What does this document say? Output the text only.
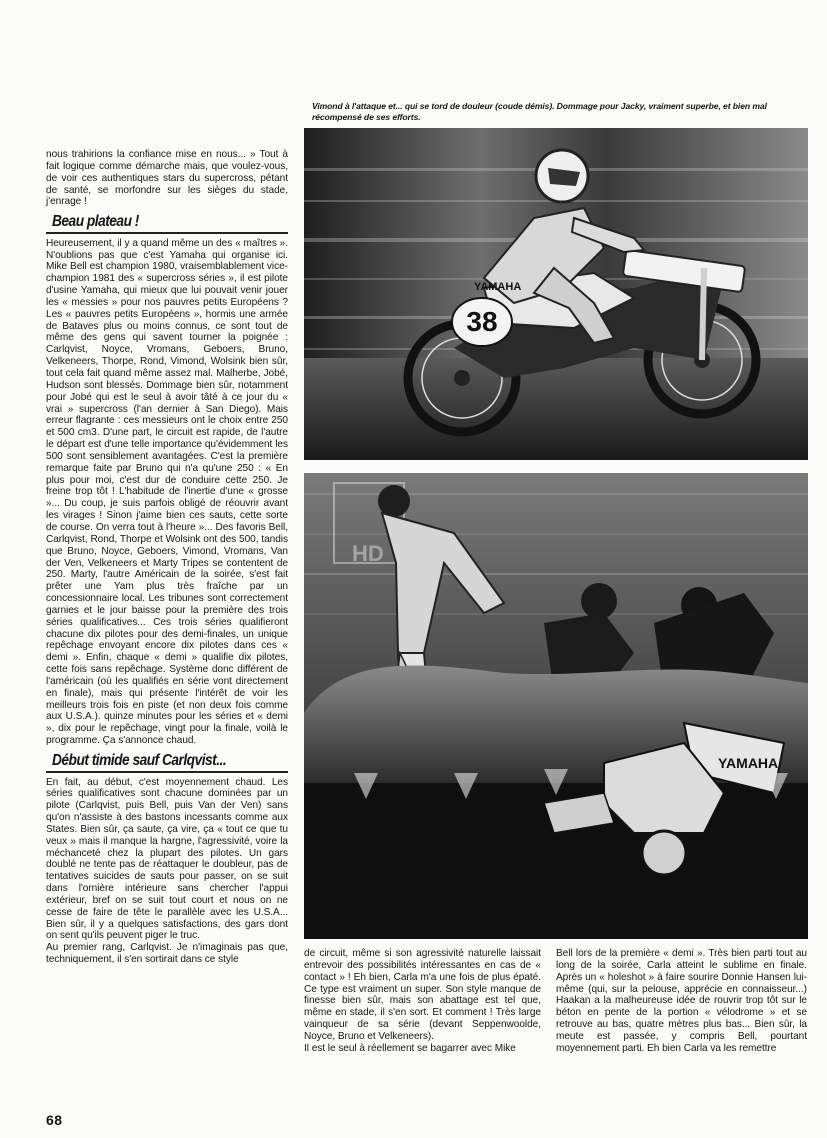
Vimond à l'attaque et... qui se tord de douleur (coude démis). Dommage pour Jacky, vraiment superbe, et bien mal récompensé de ses efforts.

nous trahirions la confiance mise en nous... » Tout à fait logique comme démarche mais, que voulez-vous, de voir ces authentiques stars du supercross, pétant de santé, se morfondre sur les sièges du stade, j'enrage !

Beau plateau !

Heureusement, il y a quand même un des « maîtres ». N'oublions pas que c'est Yamaha qui organise ici. Mike Bell est champion 1980, vraisemblablement vice-champion 1981 des « supercross séries », il est pilote d'usine Yamaha, qui mieux que lui pouvait venir jouer les « messies » pour nos pauvres petits Européens ? Les « pauvres petits Européens », hormis une armée de Bataves plus ou moins connus, ce sont tout de même des gens qui savent tourner la poignée : Carlqvist, Noyce, Vromans, Geboers, Bruno, Velkeneers, Thorpe, Rond, Vimond, Wolsink bien sûr, tout cela fait quand même assez mal. Malherbe, Jobé, Hudson sont blessés. Dommage bien sûr, notamment pour Jobé qui est le seul à avoir tâté à ce jour du « vrai » supercross (l'an dernier à San Diego). Mais erreur flagrante : ces messieurs ont le choix entre 250 et 500 cm3. D'une part, le circuit est rapide, de l'autre le départ est d'une telle importance qu'évidemment les 500 sont sensiblement avantagées. C'est la première remarque faite par Bruno qui n'a qu'une 250 : « En plus pour moi, c'est dur de conduire cette 250. Je freine trop tôt ! L'habitude de l'inertie d'une « grosse »... Du coup, je suis parfois obligé de réouvrir avant les virages ! Sinon j'aime bien ces sauts, cette sorte de course. On verra tout à l'heure »... Des favoris Bell, Carlqvist, Rond, Thorpe et Wolsink ont des 500, tandis que Bruno, Noyce, Geboers, Vimond, Vromans, Van der Ven, Velkeneers et Marty Tripes se contentent de 250. Marty, l'autre Américain de la soirée, s'est fait prêter une Yam plus très fraîche par un concessionnaire local. Les tribunes sont correctement garnies et le jour baisse pour la première des trois séries qualificatives... Ces trois séries qualifieront chacune dix pilotes pour des demi-finales, un unique repêchage envoyant encore dix pilotes dans ces « demi ». Enfin, chaque « demi » qualifie dix pilotes, cette fois sans repêchage. Système donc différent de l'américain (où les qualifiés en série vont directement en finale), mais qui présente l'intérêt de voir les meilleurs trois fois en piste (et non deux fois comme aux U.S.A.). quinze minutes pour les séries et « demi », dix pour le repêchage, vingt pour la finale, voilà le programme. Ça s'annonce chaud.

Début timide sauf Carlqvist...

En fait, au début, c'est moyennement chaud. Les séries qualificatives sont chacune dominées par un pilote (Carlqvist, puis Bell, puis Van der Ven) sans qu'on n'assiste à des bastons incessants comme aux States. Bien sûr, ça saute, ça vire, ça « tout ce que tu veux » mais il manque la hargne, l'agressivité, voire la méchanceté chez la plupart des pilotes. Un gars doublé ne tente pas de réattaquer le doubleur, pas de tentatives suicides de sauts pour passer, on se suit dans l'ornière intérieure sans chercher l'appui extérieur, bref on se suit tout court et nous on ne cesse de faire de tête le parallèle avec les U.S.A... Bien sûr, il y a quelques satisfactions, des gars dont on sent qu'ils peuvent piger le truc.

Au premier rang, Carlqvist. Je n'imaginais pas que, techniquement, il s'en sortirait dans ce style

38
YAMAHA
HD
YAMAHA

de circuit, même si son agressivité naturelle laissait entrevoir des possibilités intéressantes en cas de « contact » ! Eh bien, Carla m'a une fois de plus épaté. Ce type est vraiment un super. Son style manque de finesse bien sûr, mais son abattage est tel que, même en stade, il s'en sort. Et comment ! Très large vainqueur de sa série (devant Seppenwoolde, Noyce, Bruno et Velkeneers).

Il est le seul à réellement se bagarrer avec Mike

Bell lors de la première « demi ». Très bien parti tout au long de la soirée, Carla atteint le sublime en finale. Après un « holeshot » à faire sourire Donnie Hansen lui-même (qui, sur la pelouse, apprécie en connaisseur...) Haakan a la malheureuse idée de rouvrir trop tôt sur le béton en pente de la portion « vélodrome » et se retrouve au bas, quatre mètres plus bas... Bien sûr, la meute est passée, y compris Bell, pourtant moyennement parti. Eh bien Carla va les remettre

68
